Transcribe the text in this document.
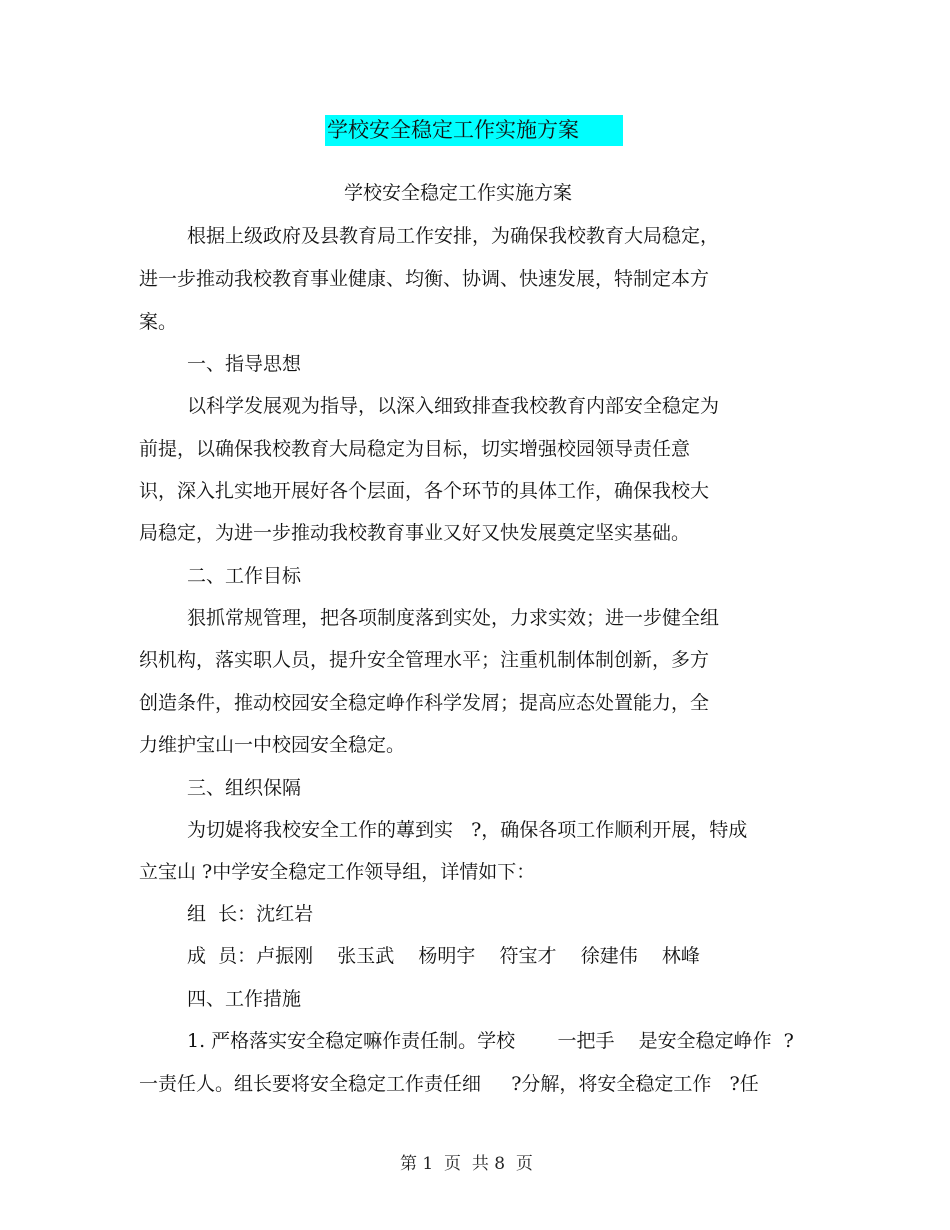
学校安全稳定工作实施方案
学校安全稳定工作实施方案
根据上级政府及县教育局工作安排，为确保我校教育大局稳定，
进一步推动我校教育事业健康、均衡、协调、快速发展，特制定本方
案。
一、指导思想
以科学发展观为指导，以深入细致排查我校教育内部安全稳定为
前提，以确保我校教育大局稳定为目标，切实增强校园领导责任意
识，深入扎实地开展好各个层面，各个环节的具体工作，确保我校大
局稳定，为进一步推动我校教育事业又好又快发展奠定坚实基础。
二、工作目标
狠抓常规管理，把各项制度落到实处，力求实效；进一步健全组
织机构，落实职人员，提升安全管理水平；注重机制体制创新，多方
创造条件，推动校园安全稳定峥作科学发屑；提高应态处置能力，全
力维护宝山一中校园安全稳定。
三、组织保隔
为切媞将我校安全工作的蓴到实   ?，确保各项工作顺利开展，特成
立宝山 ?中学安全稳定工作领导组，详情如下：
组  长：沈红岩
成  员：卢振刚    张玉武    杨明宇    符宝才    徐建伟    林峰
四、工作措施
1. 严格落实安全稳定嘛作责任制。学校       一把手    是安全稳定峥作  ?
一责任人。组长要将安全稳定工作责任细     ?分解，将安全稳定工作   ?任
第 1  页  共 8  页
